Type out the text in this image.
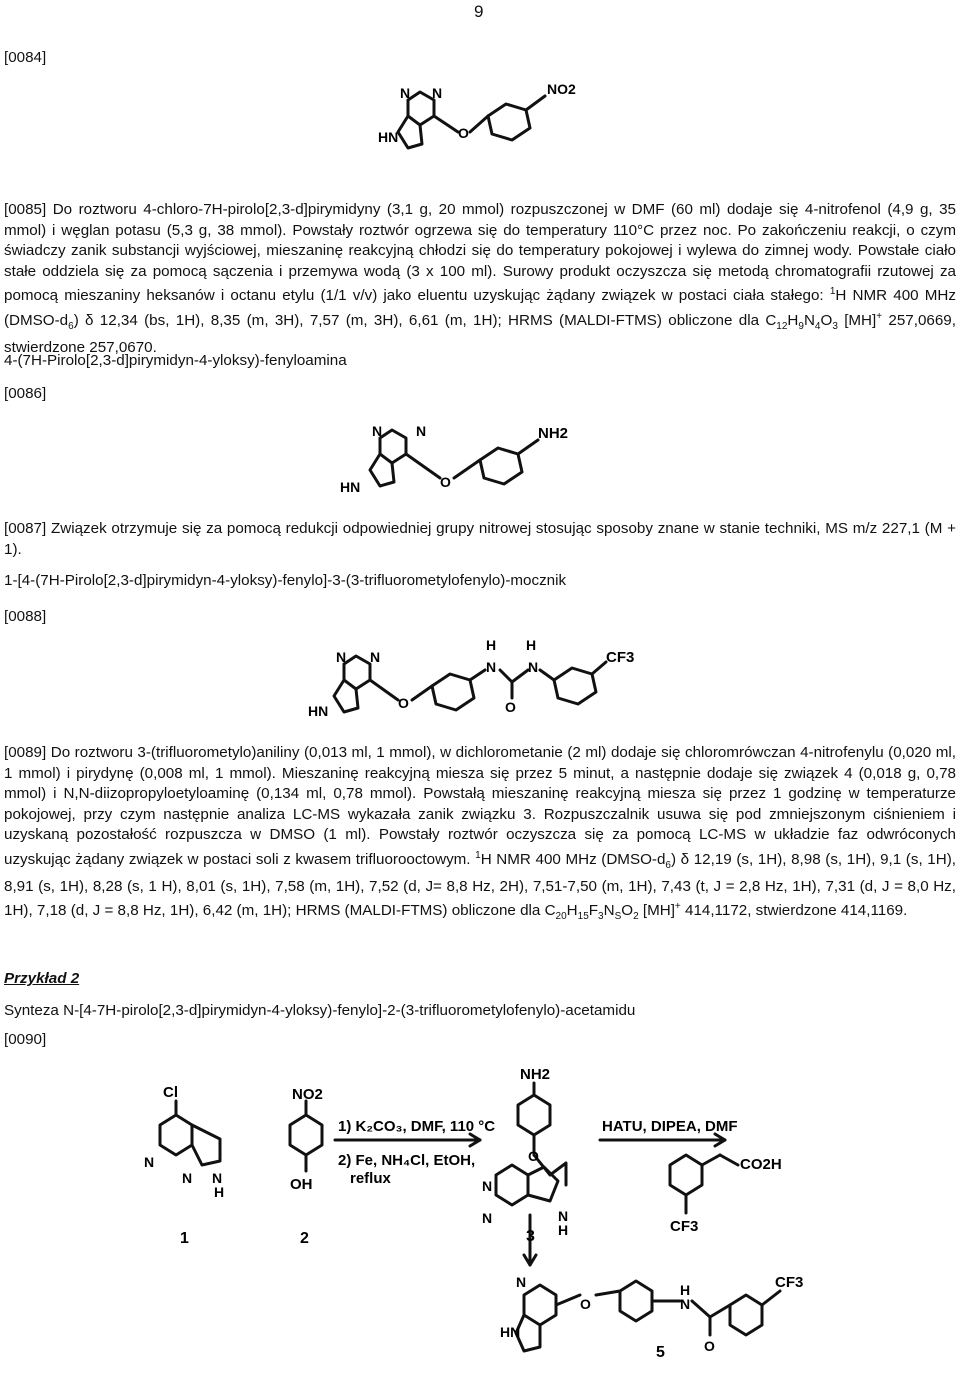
9
[0084]
N N
HN	O
NO2

[0085] Do roztworu 4-chloro-7H-pirolo[2,3-d]pirymidyny (3,1 g, 20 mmol) rozpuszczonej w DMF (60 ml) dodaje się 4-nitrofenol (4,9 g, 35 mmol) i węglan potasu (5,3 g, 38 mmol). Powstały roztwór ogrzewa się do temperatury 110°C przez noc. Po zakończeniu reakcji, o czym świadczy zanik substancji wyjściowej, mieszaninę reakcyjną chłodzi się do temperatury pokojowej i wylewa do zimnej wody. Powstałe ciało stałe oddziela się za pomocą sączenia i przemywa wodą (3 x 100 ml). Surowy produkt oczyszcza się metodą chromatografii rzutowej za pomocą mieszaniny heksanów i octanu etylu (1/1 v/v) jako eluentu uzyskując żądany związek w postaci ciała stałego: $^1$H NMR 400 MHz $(DMSO-d_6)$ δ 12,34 (bs, 1H), 8,35 (m, 3H), 7,57 (m, 3H), 6,61 (m, 1H); HRMS (MALDI-FTMS) obliczone dla $C_{12}H_9N_4O_3$ [MH]+ 257,0669, stwierdzone 257,0670.

4-(7H-Pirolo[2,3-d]pirymidyn-4-yloksy)-fenyloamina
[0086]
N N
HN	O
NH2

[0087] Związek otrzymuje się za pomocą redukcji odpowiedniej grupy nitrowej stosując sposoby znane w stanie techniki, MS m/z 227,1 (M + 1).

1-[4-(7H-Pirolo[2,3-d]pirymidyn-4-yloksy)-fenylo]-3-(3-trifluorometylofenylo)-mocznik
[0088]
N N
HN	O
H
N
H
N
O
CF3

[0089] Do roztworu 3-(trifluorometylo)aniliny (0,013 ml, 1 mmol), w dichlorometanie (2 ml) dodaje się chloromrówczan 4-nitrofenylu (0,020 ml, 1 mmol) i pirydynę (0,008 ml, 1 mmol). Mieszaninę reakcyjną miesza się przez 5 minut, a następnie dodaje się związek 4 (0,018 g, 0,78 mmol) i N,N-diizopropyloetyloaminę (0,134 ml, 0,78 mmol). Powstałą mieszaninę reakcyjną miesza się przez 1 godzinę w temperaturze pokojowej, przy czym następnie analiza LC-MS wykazała zanik związku 3. Rozpuszczalnik usuwa się pod zmniejszonym ciśnieniem i uzyskaną pozostałość rozpuszcza w DMSO (1 ml). Powstały roztwór oczyszcza się za pomocą LC-MS w układzie faz odwróconych uzyskując żądany związek w postaci soli z kwasem trifluorooctowym. $^1$H NMR 400 MHz $(DMSO-d_6)$ δ 12,19 (s, 1H), 8,98 (s, 1H), 9,1 (s, 1H), 8,91 (s, 1H), 8,28 (s, 1 H), 8,01 (s, 1H), 7,58 (m, 1H), 7,52 (d, J= 8,8 Hz, 2H), 7,51-7,50 (m, 1H), 7,43 (t, J = 2,8 Hz, 1H), 7,31 (d, J = 8,0 Hz, 1H), 7,18 (d, J = 8,8 Hz, 1H), 6,42 (m, 1H); HRMS (MALDI-FTMS) obliczone dla $C_{20}H_{15}F_3N_SO_2$ [MH]+ 414,1172, stwierdzone 414,1169.

Przykład 2
Synteza N-[4-7H-pirolo[2,3-d]pirymidyn-4-yloksy)-fenylo]-2-(3-trifluorometylofenylo)-acetamidu
[0090]
Cl
N
N N
H
NO2
OH
1) K₂CO₃, DMF, 110 °C
2) Fe, NH₄Cl, EtOH,
reflux
NH2
O
N
N	N
H
HATU, DIPEA, DMF
CO2H
CF3
1	2	3
O
N
HN
H
N
O
CF3
5
